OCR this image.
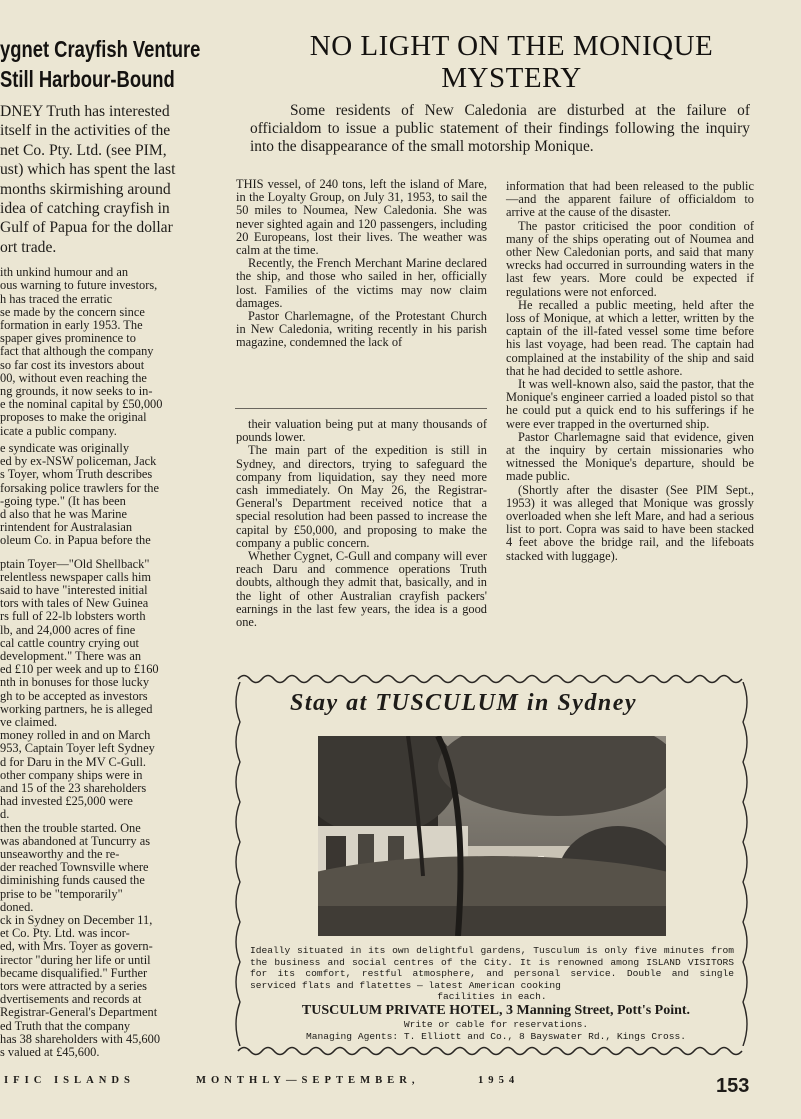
ygnet Crayfish Venture
Still Harbour-Bound
DNEY Truth has interested
itself in the activities of the
net Co. Pty. Ltd. (see PIM,
ust) which has spent the last
months skirmishing around
idea of catching crayfish in
Gulf of Papua for the dollar
ort trade.
ith unkind humour and an
ous warning to future investors,
h has traced the erratic
se made by the concern since
formation in early 1953. The
spaper gives prominence to
fact that although the company
so far cost its investors about
00, without even reaching the
ng grounds, it now seeks to in-
e the nominal capital by £50,000
proposes to make the original
icate a public company.
e syndicate was originally
ed by ex-NSW policeman, Jack
s Toyer, whom Truth describes
forsaking police trawlers for the
-going type." (It has been
d also that he was Marine
rintendent for Australasian
oleum Co. in Papua before the
ptain Toyer—"Old Shellback"
relentless newspaper calls him
said to have "interested initial
tors with tales of New Guinea
rs full of 22-lb lobsters worth
lb, and 24,000 acres of fine
cal cattle country crying out
development." There was an
ed £10 per week and up to £160
nth in bonuses for those lucky
gh to be accepted as investors
working partners, he is alleged
ve claimed.
money rolled in and on March
953, Captain Toyer left Sydney
d for Daru in the MV C-Gull.
other company ships were in
and 15 of the 23 shareholders
had invested £25,000 were
d.
then the trouble started. One
was abandoned at Tuncurry as
unseaworthy and the re-
der reached Townsville where
diminishing funds caused the
prise to be "temporarily"
doned.
ck in Sydney on December 11,
et Co. Pty. Ltd. was incor-
ed, with Mrs. Toyer as govern-
irector "during her life or until
became disqualified." Further
tors were attracted by a series
dvertisements and records at
Registrar-General's Department
ed Truth that the company
has 38 shareholders with 45,600
s valued at £45,600.
NO LIGHT ON THE MONIQUE
MYSTERY

Some residents of New Caledonia are disturbed at the failure of officialdom to issue a public statement of their findings following the inquiry into the disappearance of the small motorship Monique.

THIS vessel, of 240 tons, left the island of Mare, in the Loyalty Group, on July 31, 1953, to sail the 50 miles to Noumea, New Caledonia. She was never sighted again and 120 passengers, including 20 Europeans, lost their lives. The weather was calm at the time.

Recently, the French Merchant Marine declared the ship, and those who sailed in her, officially lost. Families of the victims may now claim damages.

Pastor Charlemagne, of the Protestant Church in New Caledonia, writing recently in his parish magazine, condemned the lack of

their valuation being put at many thousands of pounds lower.

The main part of the expedition is still in Sydney, and directors, trying to safeguard the company from liquidation, say they need more cash immediately. On May 26, the Registrar-General's Department received notice that a special resolution had been passed to increase the capital by £50,000, and proposing to make the company a public concern.

Whether Cygnet, C-Gull and company will ever reach Daru and commence operations Truth doubts, although they admit that, basically, and in the light of other Australian crayfish packers' earnings in the last few years, the idea is a good one.

information that had been released to the public—and the apparent failure of officialdom to arrive at the cause of the disaster.

The pastor criticised the poor condition of many of the ships operating out of Noumea and other New Caledonian ports, and said that many wrecks had occurred in surrounding waters in the last few years. More could be expected if regulations were not enforced.

He recalled a public meeting, held after the loss of Monique, at which a letter, written by the captain of the ill-fated vessel some time before his last voyage, had been read. The captain had complained at the instability of the ship and said that he had decided to settle ashore.

It was well-known also, said the pastor, that the Monique's engineer carried a loaded pistol so that he could put a quick end to his sufferings if he were ever trapped in the overturned ship.

Pastor Charlemagne said that evidence, given at the inquiry by certain missionaries who witnessed the Monique's departure, should be made public.

(Shortly after the disaster (See PIM Sept., 1953) it was alleged that Monique was grossly overloaded when she left Mare, and had a serious list to port. Copra was said to have been stacked 4 feet above the bridge rail, and the lifeboats stacked with luggage).

Stay at TUSCULUM in Sydney
Ideally situated in its own delightful gardens, Tusculum is only five minutes from the business and social centres of the City. It is renowned among ISLAND VISITORS for its comfort, restful atmosphere, and personal service. Double and single serviced flats and flatettes — latest American cooking
facilities in each.
TUSCULUM PRIVATE HOTEL, 3 Manning Street, Pott's Point.
Write or cable for reservations.
Managing Agents: T. Elliott and Co., 8 Bayswater Rd., Kings Cross.
IFIC ISLANDS	MONTHLY—SEPTEMBER,	1954	153
